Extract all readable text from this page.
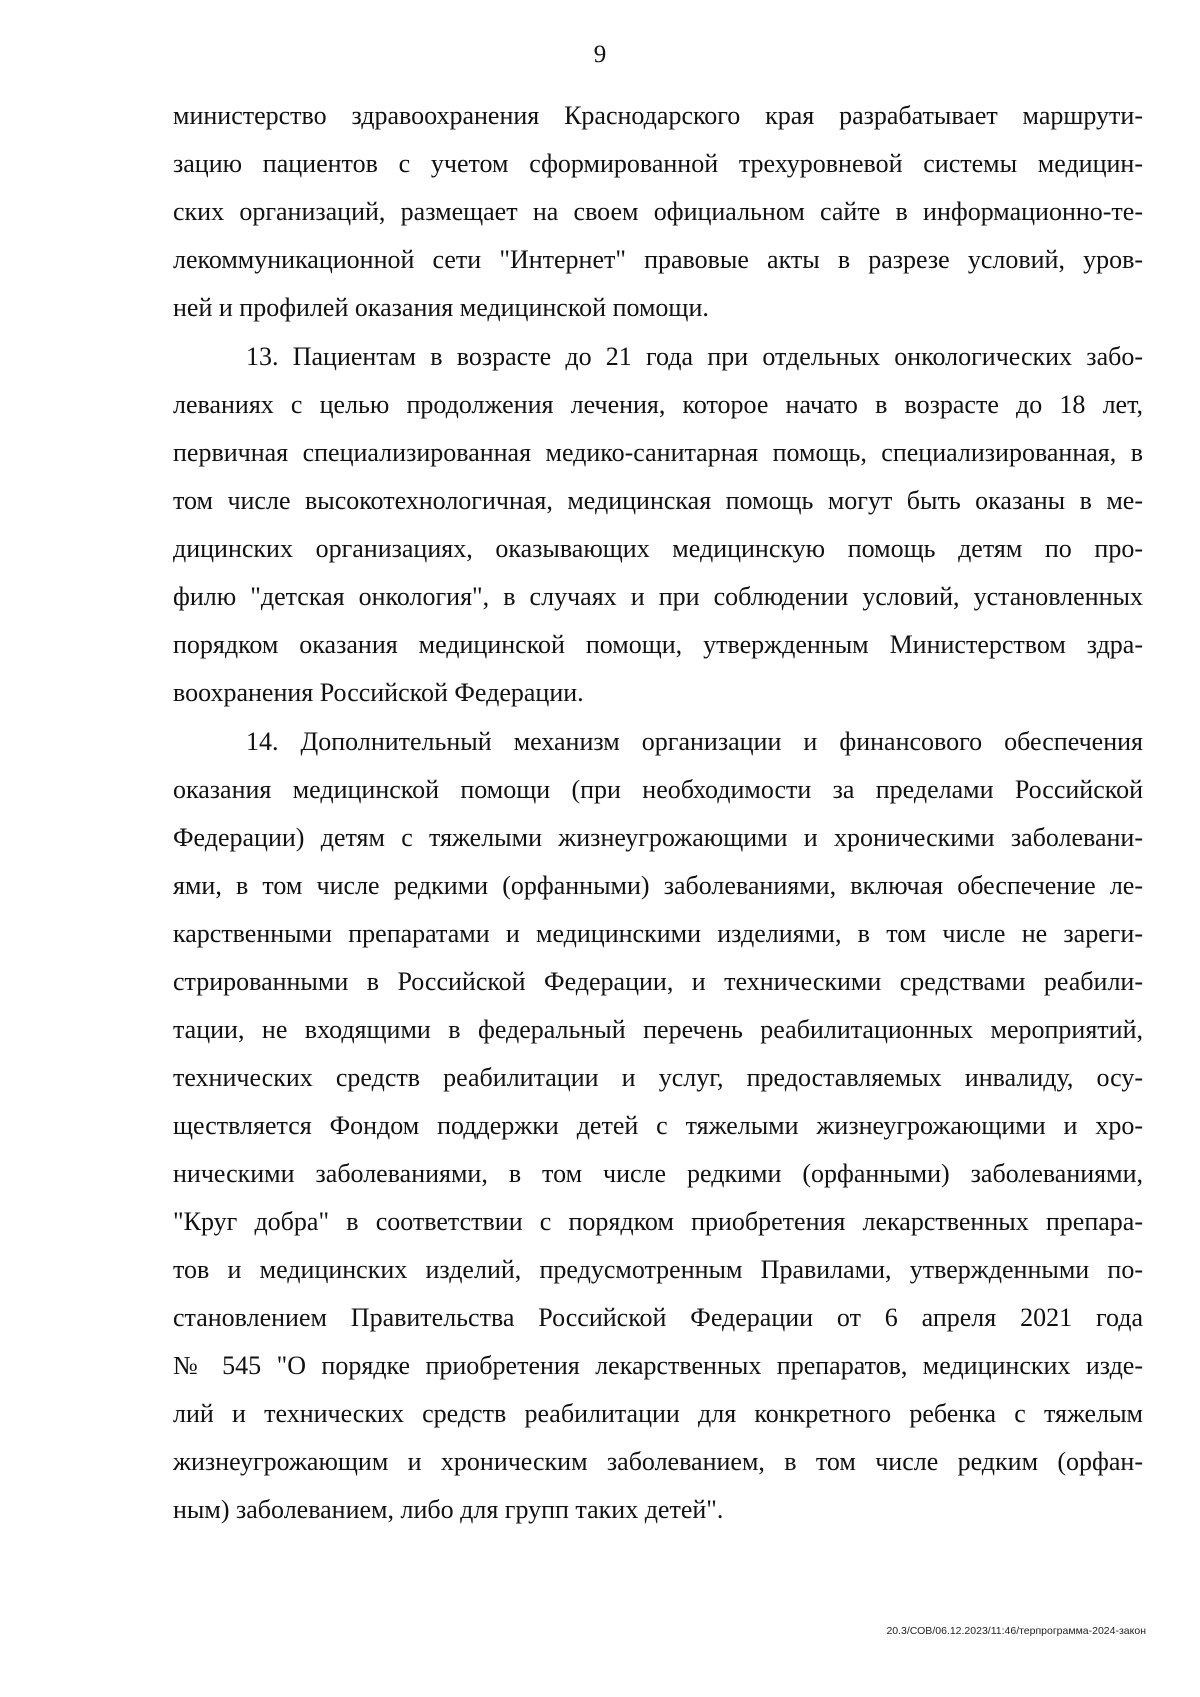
9
министерство здравоохранения Краснодарского края разрабатывает маршрути-
зацию пациентов с учетом сформированной трехуровневой системы медицин-
ских организаций, размещает на своем официальном сайте в информационно-те-
лекоммуникационной сети "Интернет" правовые акты в разрезе условий, уров-
ней и профилей оказания медицинской помощи.
13. Пациентам в возрасте до 21 года при отдельных онкологических забо-
леваниях с целью продолжения лечения, которое начато в возрасте до 18 лет,
первичная специализированная медико-санитарная помощь, специализированная, в
том числе высокотехнологичная, медицинская помощь могут быть оказаны в ме-
дицинских организациях, оказывающих медицинскую помощь детям по про-
филю "детская онкология", в случаях и при соблюдении условий, установленных
порядком оказания медицинской помощи, утвержденным Министерством здра-
воохранения Российской Федерации.
14. Дополнительный механизм организации и финансового обеспечения
оказания медицинской помощи (при необходимости за пределами Российской
Федерации) детям с тяжелыми жизнеугрожающими и хроническими заболевани-
ями, в том числе редкими (орфанными) заболеваниями, включая обеспечение ле-
карственными препаратами и медицинскими изделиями, в том числе не зареги-
стрированными в Российской Федерации, и техническими средствами реабили-
тации, не входящими в федеральный перечень реабилитационных мероприятий,
технических средств реабилитации и услуг, предоставляемых инвалиду, осу-
ществляется Фондом поддержки детей с тяжелыми жизнеугрожающими и хро-
ническими заболеваниями, в том числе редкими (орфанными) заболеваниями,
"Круг добра" в соответствии с порядком приобретения лекарственных препара-
тов и медицинских изделий, предусмотренным Правилами, утвержденными по-
становлением Правительства Российской Федерации от 6 апреля 2021 года
№ 545 "О порядке приобретения лекарственных препаратов, медицинских изде-
лий и технических средств реабилитации для конкретного ребенка с тяжелым
жизнеугрожающим и хроническим заболеванием, в том числе редким (орфан-
ным) заболеванием, либо для групп таких детей".
20.3/СОВ/06.12.2023/11:46/терпрограмма-2024-закон
